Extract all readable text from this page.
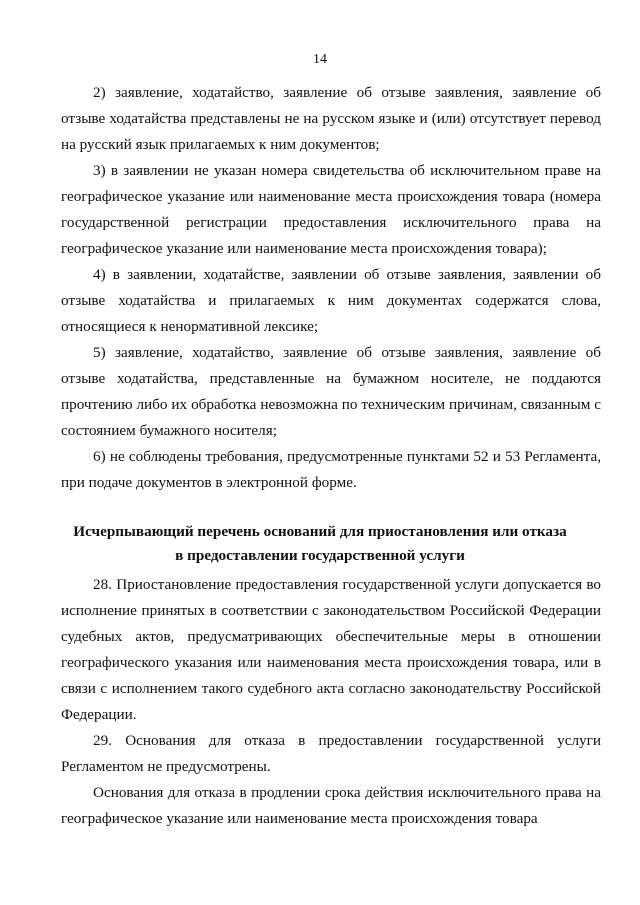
14

2) заявление, ходатайство, заявление об отзыве заявления, заявление об отзыве ходатайства представлены не на русском языке и (или) отсутствует перевод на русский язык прилагаемых к ним документов;

3) в заявлении не указан номера свидетельства об исключительном праве на географическое указание или наименование места происхождения товара (номера государственной регистрации предоставления исключительного права на географическое указание или наименование места происхождения товара);

4) в заявлении, ходатайстве, заявлении об отзыве заявления, заявлении об отзыве ходатайства и прилагаемых к ним документах содержатся слова, относящиеся к ненормативной лексике;

5) заявление, ходатайство, заявление об отзыве заявления, заявление об отзыве ходатайства, представленные на бумажном носителе, не поддаются прочтению либо их обработка невозможна по техническим причинам, связанным с состоянием бумажного носителя;

6) не соблюдены требования, предусмотренные пунктами 52 и 53 Регламента, при подаче документов в электронной форме.

Исчерпывающий перечень оснований для приостановления или отказа
в предоставлении государственной услуги

28. Приостановление предоставления государственной услуги допускается во исполнение принятых в соответствии с законодательством Российской Федерации судебных актов, предусматривающих обеспечительные меры в отношении географического указания или наименования места происхождения товара, или в связи с исполнением такого судебного акта согласно законодательству Российской Федерации.

29. Основания для отказа в предоставлении государственной услуги Регламентом не предусмотрены.

Основания для отказа в продлении срока действия исключительного права на географическое указание или наименование места происхождения товара
